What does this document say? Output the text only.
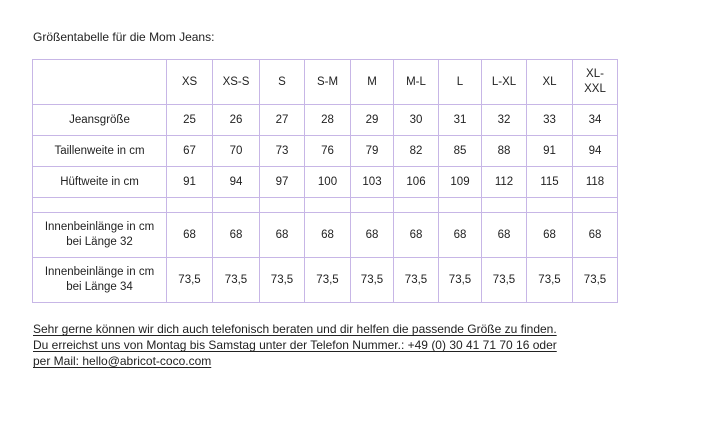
Größentabelle für die Mom Jeans:
	XS	XS-S	S	S-M	M	M-L	L	L-XL	XL	XL-
XXL
Jeansgröße	25	26	27	28	29	30	31	32	33	34
Taillenweite in cm	67	70	73	76	79	82	85	88	91	94
Hüftweite in cm	91	94	97	100	103	106	109	112	115	118

Innenbeinlänge in cm
bei Länge 32	68	68	68	68	68	68	68	68	68	68
Innenbeinlänge in cm
bei Länge 34	73,5	73,5	73,5	73,5	73,5	73,5	73,5	73,5	73,5	73,5
Sehr gerne können wir dich auch telefonisch beraten und dir helfen die passende Größe zu finden.
Du erreichst uns von Montag bis Samstag unter der Telefon Nummer.: +49 (0) 30 41 71 70 16 oder
per Mail: hello@abricot-coco.com
